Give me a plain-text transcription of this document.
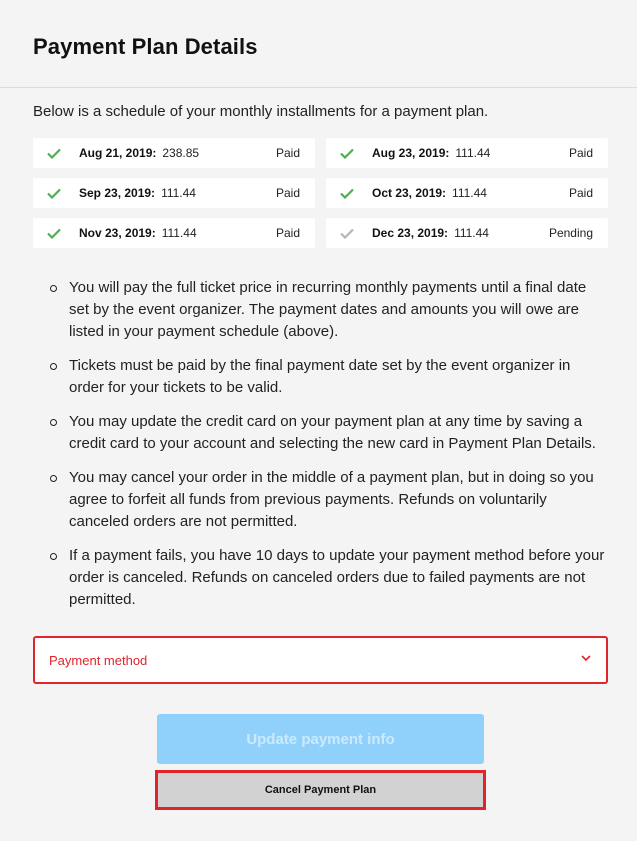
Payment Plan Details

Below is a schedule of your monthly installments for a payment plan.

Aug 21, 2019: 238.85	Paid	Aug 23, 2019: 111.44	Paid
Sep 23, 2019: 111.44	Paid	Oct 23, 2019: 111.44	Paid
Nov 23, 2019: 111.44	Paid	Dec 23, 2019: 111.44	Pending
You will pay the full ticket price in recurring monthly payments until a final date set by the event organizer. The payment dates and amounts you will owe are listed in your payment schedule (above).
Tickets must be paid by the final payment date set by the event organizer in order for your tickets to be valid.
You may update the credit card on your payment plan at any time by saving a credit card to your account and selecting the new card in Payment Plan Details.
You may cancel your order in the middle of a payment plan, but in doing so you agree to forfeit all funds from previous payments. Refunds on voluntarily canceled orders are not permitted.
If a payment fails, you have 10 days to update your payment method before your order is canceled. Refunds on canceled orders due to failed payments are not permitted.
Payment method
Update payment info
Cancel Payment Plan
